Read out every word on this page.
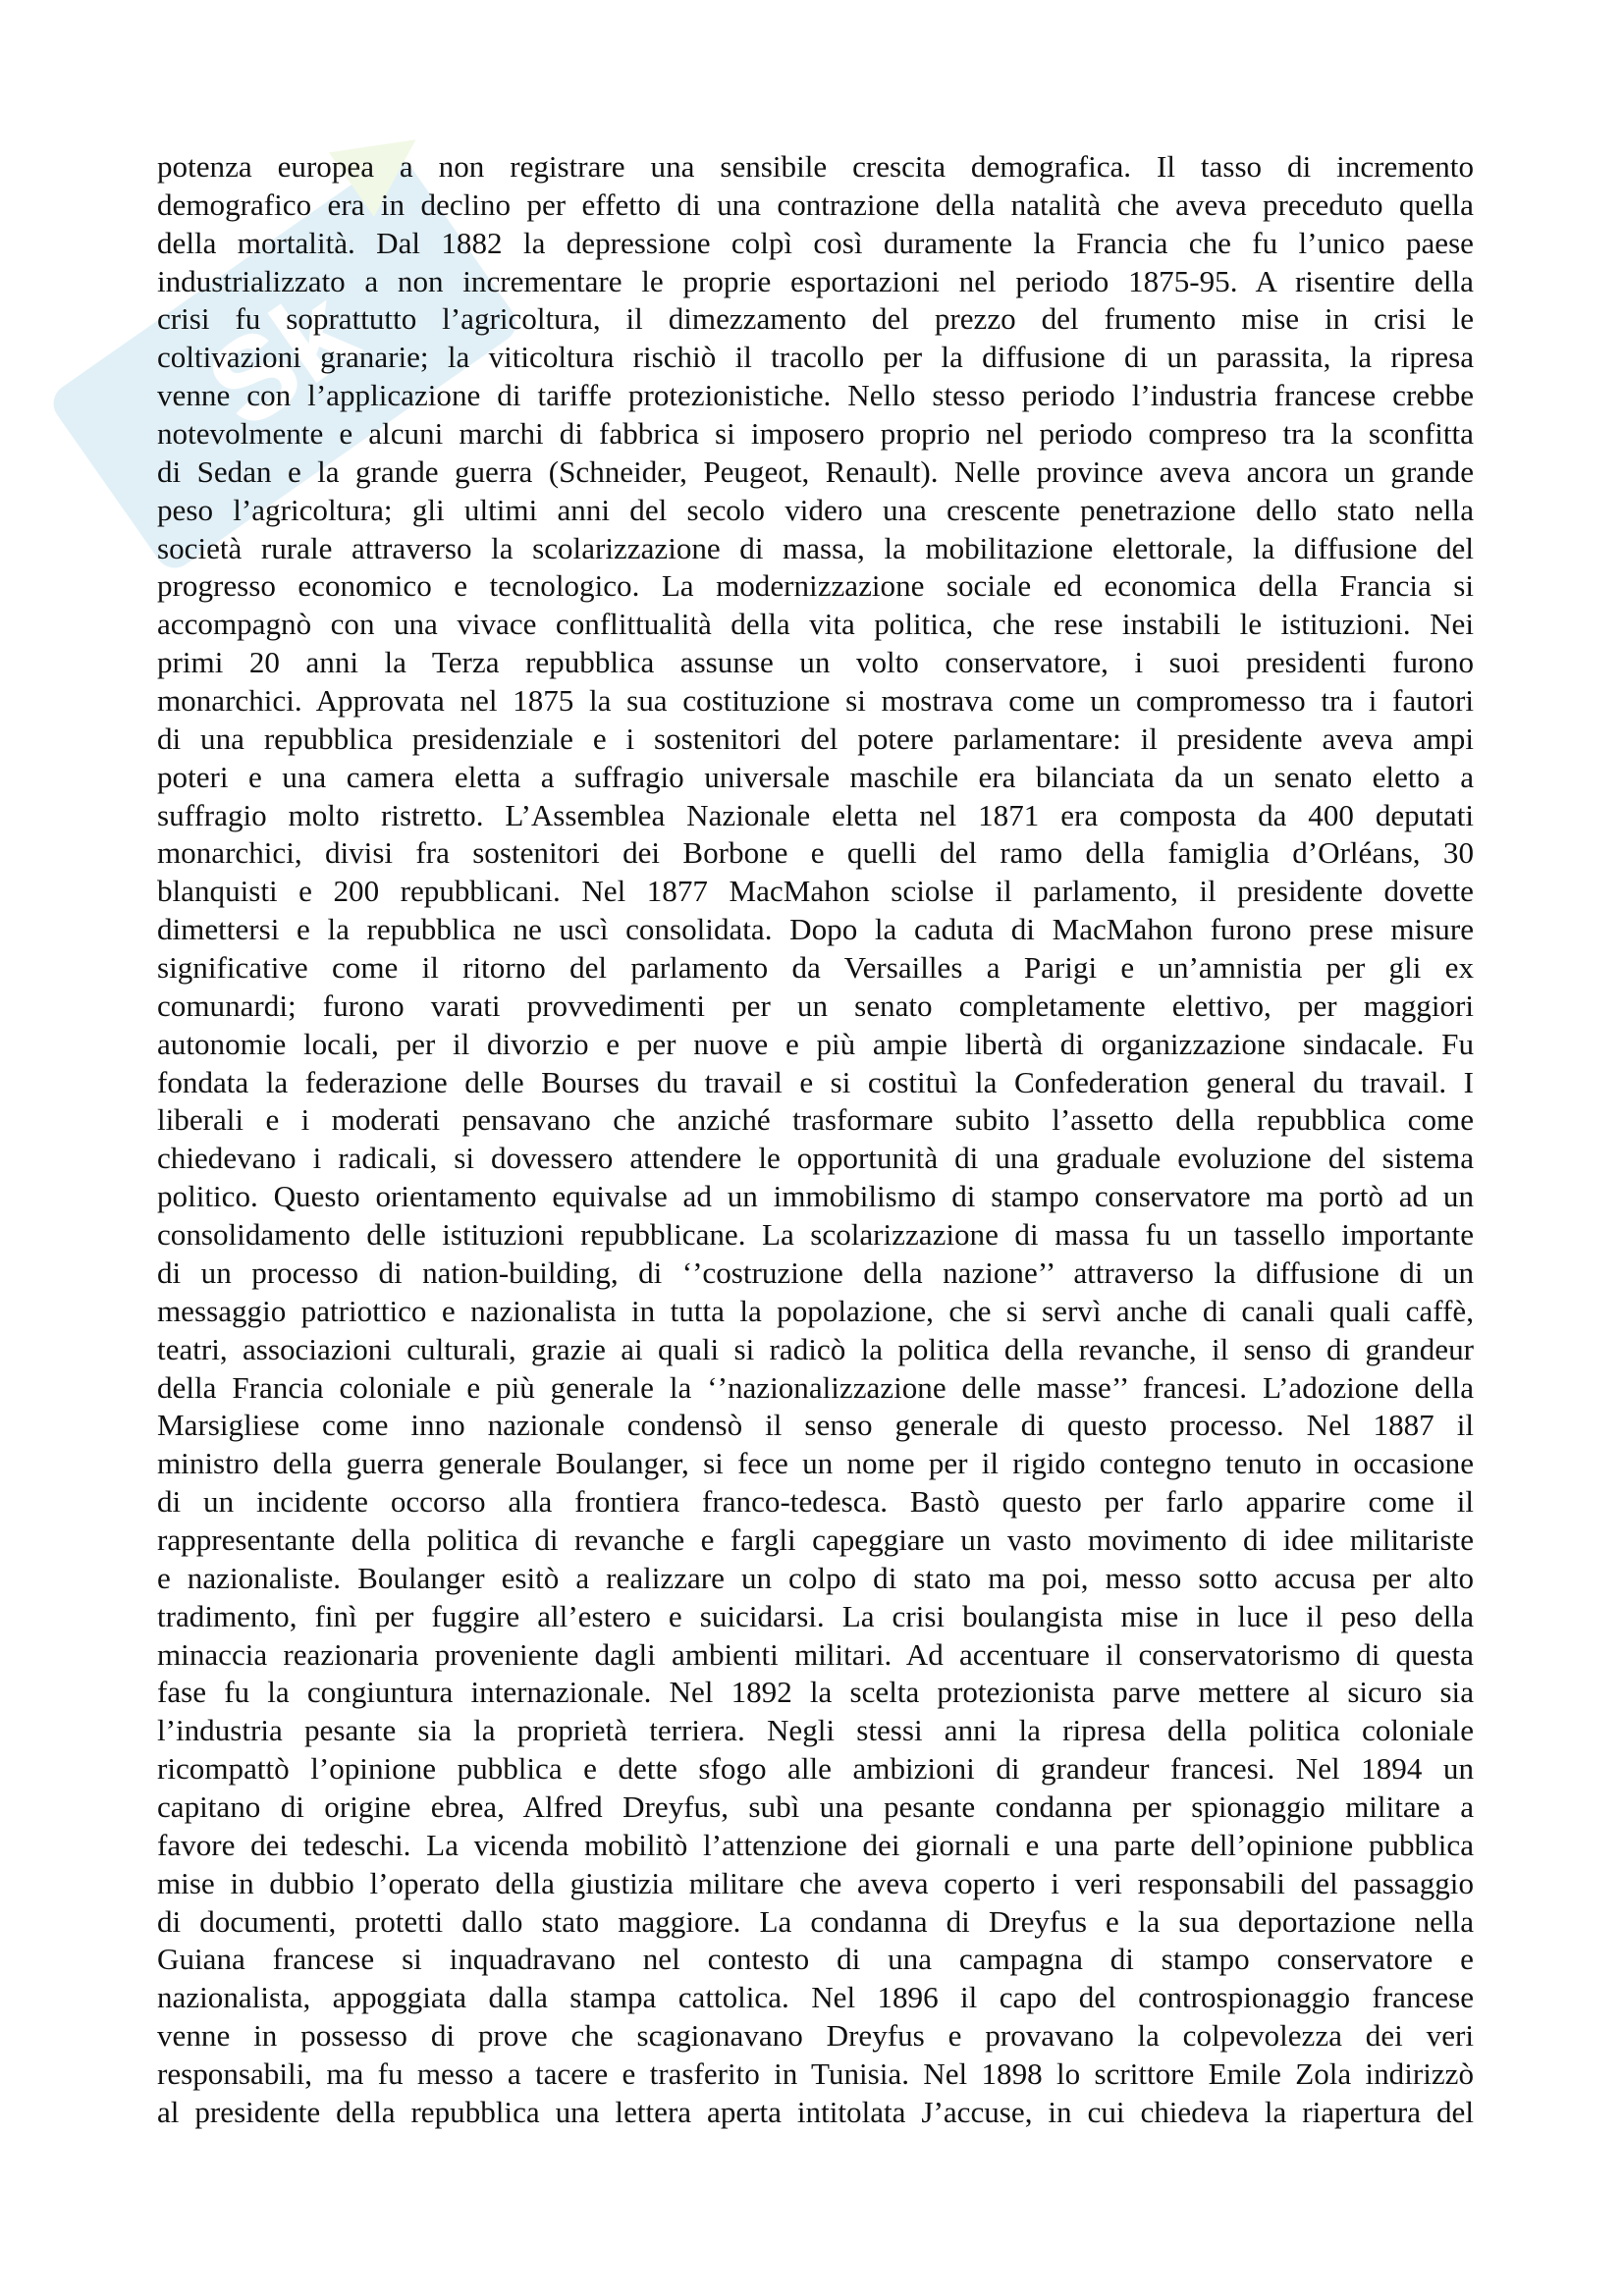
Sk
potenza europea a non registrare una sensibile crescita demografica. Il tasso di incremento
demografico era in declino per effetto di una contrazione della natalità che aveva preceduto quella
della mortalità. Dal 1882 la depressione colpì così duramente la Francia che fu l’unico paese
industrializzato a non incrementare le proprie esportazioni nel periodo 1875-95. A risentire della
crisi fu soprattutto l’agricoltura, il dimezzamento del prezzo del frumento mise in crisi le
coltivazioni granarie; la viticoltura rischiò il tracollo per la diffusione di un parassita, la ripresa
venne con l’applicazione di tariffe protezionistiche. Nello stesso periodo l’industria francese crebbe
notevolmente e alcuni marchi di fabbrica si imposero proprio nel periodo compreso tra la sconfitta
di Sedan e la grande guerra (Schneider, Peugeot, Renault). Nelle province aveva ancora un grande
peso l’agricoltura; gli ultimi anni del secolo videro una crescente penetrazione dello stato nella
società rurale attraverso la scolarizzazione di massa, la mobilitazione elettorale, la diffusione del
progresso economico e tecnologico. La modernizzazione sociale ed economica della Francia si
accompagnò con una vivace conflittualità della vita politica, che rese instabili le istituzioni. Nei
primi 20 anni la Terza repubblica assunse un volto conservatore, i suoi presidenti furono
monarchici. Approvata nel 1875 la sua costituzione si mostrava come un compromesso tra i fautori
di una repubblica presidenziale e i sostenitori del potere parlamentare: il presidente aveva ampi
poteri e una camera eletta a suffragio universale maschile era bilanciata da un senato eletto a
suffragio molto ristretto. L’Assemblea Nazionale eletta nel 1871 era composta da 400 deputati
monarchici, divisi fra sostenitori dei Borbone e quelli del ramo della famiglia d’Orléans, 30
blanquisti e 200 repubblicani. Nel 1877 MacMahon sciolse il parlamento, il presidente dovette
dimettersi e la repubblica ne uscì consolidata. Dopo la caduta di MacMahon furono prese misure
significative come il ritorno del parlamento da Versailles a Parigi e un’amnistia per gli ex
comunardi; furono varati provvedimenti per un senato completamente elettivo, per maggiori
autonomie locali, per il divorzio e per nuove e più ampie libertà di organizzazione sindacale. Fu
fondata la federazione delle Bourses du travail e si costituì la Confederation general du travail. I
liberali e i moderati pensavano che anziché trasformare subito l’assetto della repubblica come
chiedevano i radicali, si dovessero attendere le opportunità di una graduale evoluzione del sistema
politico. Questo orientamento equivalse ad un immobilismo di stampo conservatore ma portò ad un
consolidamento delle istituzioni repubblicane. La scolarizzazione di massa fu un tassello importante
di un processo di nation-building, di ‘’costruzione della nazione’’ attraverso la diffusione di un
messaggio patriottico e nazionalista in tutta la popolazione, che si servì anche di canali quali caffè,
teatri, associazioni culturali, grazie ai quali si radicò la politica della revanche, il senso di grandeur
della Francia coloniale e più generale la ‘’nazionalizzazione delle masse’’ francesi. L’adozione della
Marsigliese come inno nazionale condensò il senso generale di questo processo. Nel 1887 il
ministro della guerra generale Boulanger, si fece un nome per il rigido contegno tenuto in occasione
di un incidente occorso alla frontiera franco-tedesca. Bastò questo per farlo apparire come il
rappresentante della politica di revanche e fargli capeggiare un vasto movimento di idee militariste
e nazionaliste. Boulanger esitò a realizzare un colpo di stato ma poi, messo sotto accusa per alto
tradimento, finì per fuggire all’estero e suicidarsi. La crisi boulangista mise in luce il peso della
minaccia reazionaria proveniente dagli ambienti militari. Ad accentuare il conservatorismo di questa
fase fu la congiuntura internazionale. Nel 1892 la scelta protezionista parve mettere al sicuro sia
l’industria pesante sia la proprietà terriera. Negli stessi anni la ripresa della politica coloniale
ricompattò l’opinione pubblica e dette sfogo alle ambizioni di grandeur francesi. Nel 1894 un
capitano di origine ebrea, Alfred Dreyfus, subì una pesante condanna per spionaggio militare a
favore dei tedeschi. La vicenda mobilitò l’attenzione dei giornali e una parte dell’opinione pubblica
mise in dubbio l’operato della giustizia militare che aveva coperto i veri responsabili del passaggio
di documenti, protetti dallo stato maggiore. La condanna di Dreyfus e la sua deportazione nella
Guiana francese si inquadravano nel contesto di una campagna di stampo conservatore e
nazionalista, appoggiata dalla stampa cattolica. Nel 1896 il capo del controspionaggio francese
venne in possesso di prove che scagionavano Dreyfus e provavano la colpevolezza dei veri
responsabili, ma fu messo a tacere e trasferito in Tunisia. Nel 1898 lo scrittore Emile Zola indirizzò
al presidente della repubblica una lettera aperta intitolata J’accuse, in cui chiedeva la riapertura del
